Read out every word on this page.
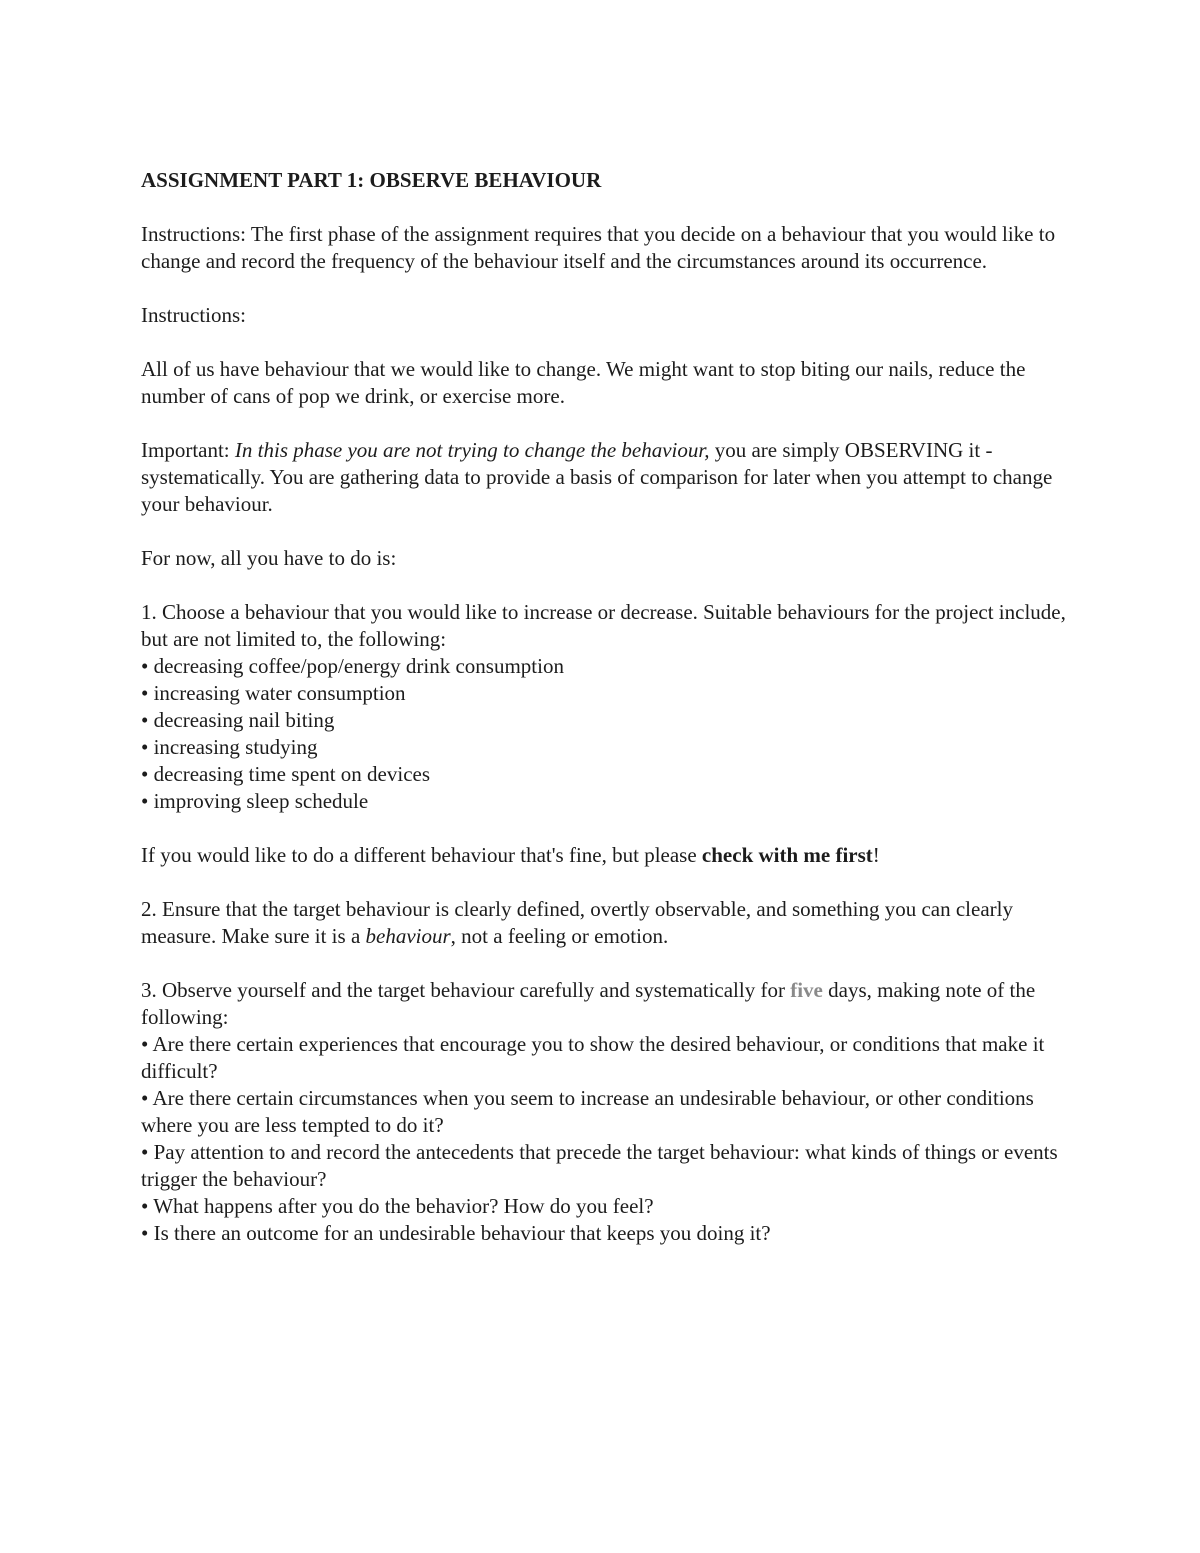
ASSIGNMENT PART 1: OBSERVE BEHAVIOUR

Instructions: The first phase of the assignment requires that you decide on a behaviour that you would like to change and record the frequency of the behaviour itself and the circumstances around its occurrence.

Instructions:

All of us have behaviour that we would like to change. We might want to stop biting our nails, reduce the number of cans of pop we drink, or exercise more.

Important: In this phase you are not trying to change the behaviour, you are simply OBSERVING it - systematically. You are gathering data to provide a basis of comparison for later when you attempt to change your behaviour.

For now, all you have to do is:

1. Choose a behaviour that you would like to increase or decrease. Suitable behaviours for the project include, but are not limited to, the following:

• decreasing coffee/pop/energy drink consumption
• increasing water consumption
• decreasing nail biting
• increasing studying
• decreasing time spent on devices
• improving sleep schedule

If you would like to do a different behaviour that's fine, but please check with me first!

2. Ensure that the target behaviour is clearly defined, overtly observable, and something you can clearly measure. Make sure it is a behaviour, not a feeling or emotion.

3. Observe yourself and the target behaviour carefully and systematically for five days, making note of the following:

• Are there certain experiences that encourage you to show the desired behaviour, or conditions that make it difficult?
• Are there certain circumstances when you seem to increase an undesirable behaviour, or other conditions where you are less tempted to do it?
• Pay attention to and record the antecedents that precede the target behaviour: what kinds of things or events trigger the behaviour?
• What happens after you do the behavior? How do you feel?
• Is there an outcome for an undesirable behaviour that keeps you doing it?
